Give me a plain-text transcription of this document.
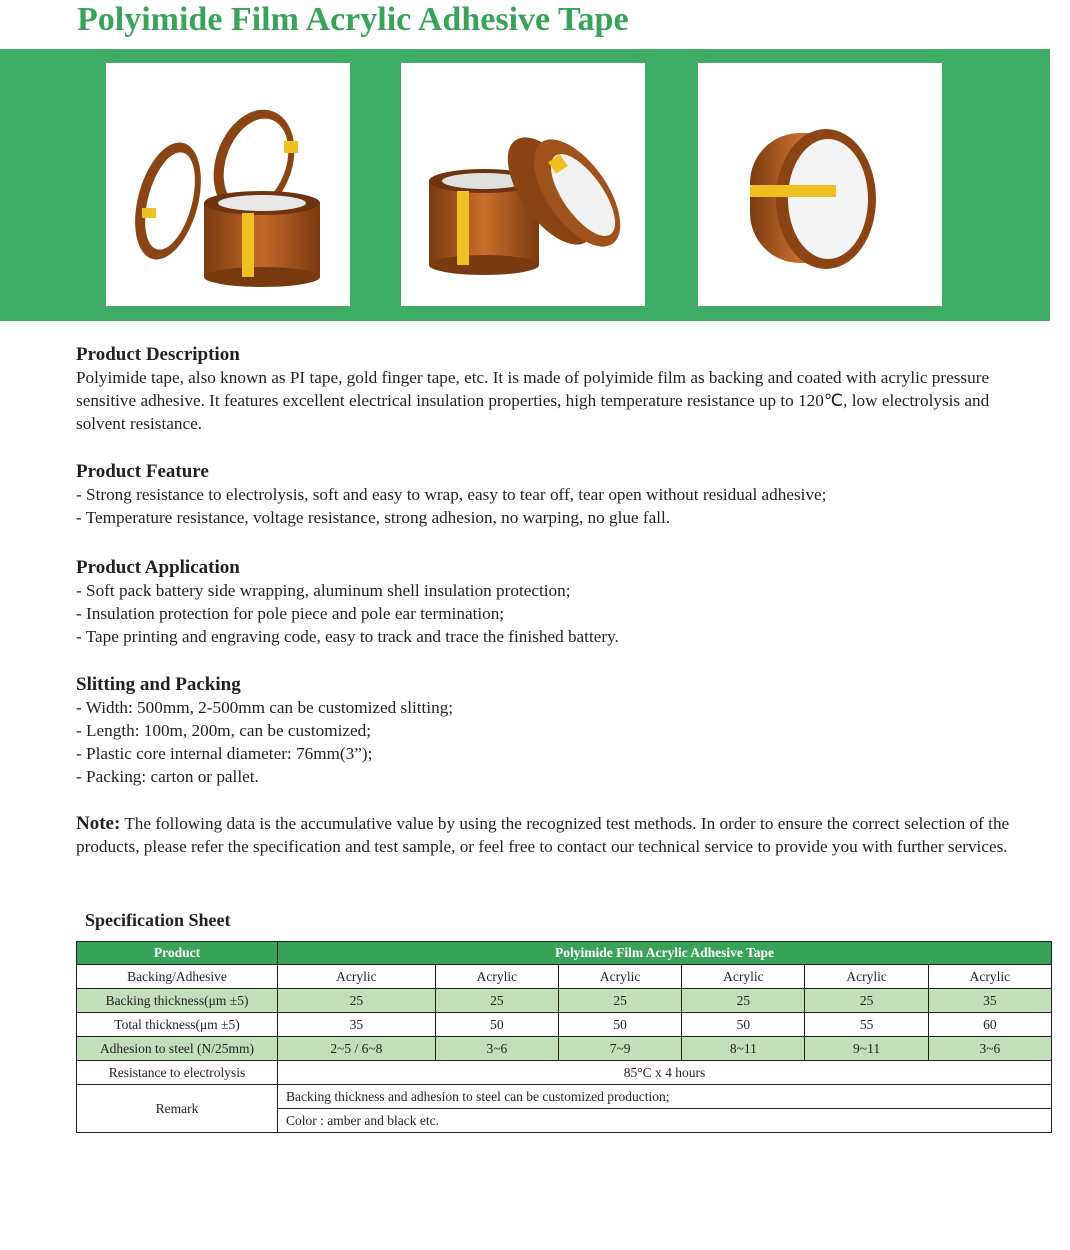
Polyimide Film Acrylic Adhesive Tape
Product Description

Polyimide tape, also known as PI tape, gold finger tape, etc. It is made of polyimide film as backing and coated with acrylic pressure sensitive adhesive. It features excellent electrical insulation properties, high temperature resistance up to 120℃, low electrolysis and solvent resistance.

Product Feature

- Strong resistance to electrolysis, soft and easy to wrap, easy to tear off, tear open without residual adhesive;

- Temperature resistance, voltage resistance, strong adhesion, no warping, no glue fall.

Product Application

- Soft pack battery side wrapping, aluminum shell insulation protection;

- Insulation protection for pole piece and pole ear termination;

- Tape printing and engraving code, easy to track and trace the finished battery.

Slitting and Packing

- Width: 500mm, 2-500mm can be customized slitting;

- Length: 100m, 200m, can be customized;

- Plastic core internal diameter: 76mm(3”);

- Packing: carton or pallet.

Note: The following data is the accumulative value by using the recognized test methods. In order to ensure the correct selection of the products, please refer the specification and test sample, or feel free to contact our technical service to provide you with further services.

Specification Sheet
Product	Polyimide Film Acrylic Adhesive Tape					
Backing/Adhesive	Acrylic	Acrylic	Acrylic	Acrylic	Acrylic	Acrylic
Backing thickness(μm ±5)	25	25	25	25	25	35
Total thickness(μm ±5)	35	50	50	50	55	60
Adhesion to steel (N/25mm)	2~5 / 6~8	3~6	7~9	8~11	9~11	3~6
Resistance to electrolysis	85°C x 4 hours					
Remark	Backing thickness and adhesion to steel can be customized production;					
	Color : amber and black etc.					
